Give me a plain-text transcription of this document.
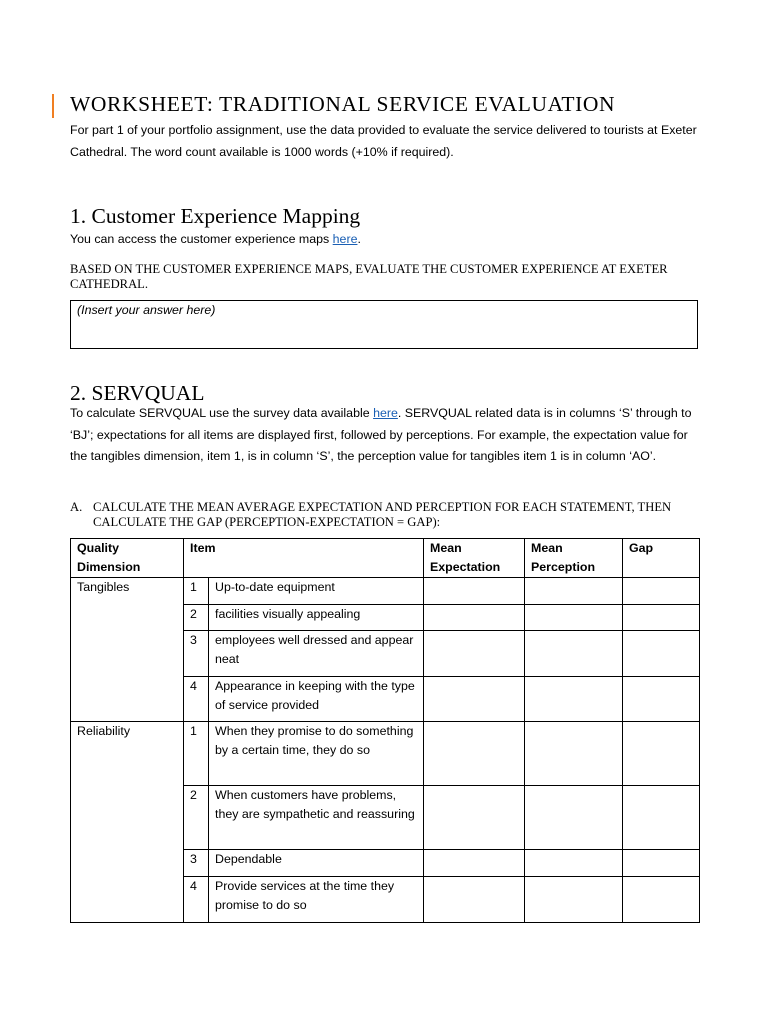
WORKSHEET: TRADITIONAL SERVICE EVALUATION

For part 1 of your portfolio assignment, use the data provided to evaluate the service delivered to tourists at Exeter Cathedral. The word count available is 1000 words (+10% if required).

1. Customer Experience Mapping

You can access the customer experience maps here.

BASED ON THE CUSTOMER EXPERIENCE MAPS, EVALUATE THE CUSTOMER EXPERIENCE AT EXETER CATHEDRAL.

(Insert your answer here)
2. SERVQUAL

To calculate SERVQUAL use the survey data available here. SERVQUAL related data is in columns ‘S’ through to ‘BJ’; expectations for all items are displayed first, followed by perceptions. For example, the expectation value for the tangibles dimension, item 1, is in column ‘S’, the perception value for tangibles item 1 is in column ‘AO’.

A. CALCULATE THE MEAN AVERAGE EXPECTATION AND PERCEPTION FOR EACH STATEMENT, THEN CALCULATE THE GAP (PERCEPTION-EXPECTATION = GAP):

Quality Dimension	Item		Mean Expectation	Mean Perception	Gap
Tangibles	1	Up-to-date equipment			
	2	facilities visually appealing			
	3	employees well dressed and appear neat			
	4	Appearance in keeping with the type of service provided			
Reliability	1	When they promise to do something by a certain time, they do so			
	2	When customers have problems, they are sympathetic and reassuring			
	3	Dependable			
	4	Provide services at the time they promise to do so			
